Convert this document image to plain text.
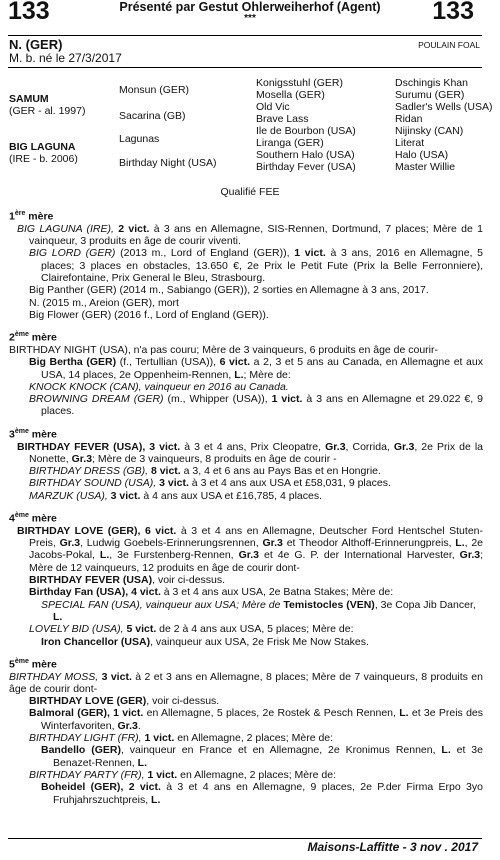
133	Présenté par Gestut Ohlerweiherhof (Agent)
***	133
N. (GER)
M. b. né le 27/3/2017
POULAIN FOAL
SAMUM
(GER - al. 1997)
BIG LAGUNA
(IRE - b. 2006)
Monsun (GER)
Sacarina (GB)
Lagunas
Birthday Night (USA)
Konigsstuhl (GER)
Mosella (GER)
Old Vic
Brave Lass
Ile de Bourbon (USA)
Liranga (GER)
Southern Halo (USA)
Birthday Fever (USA)
Dschingis Khan
Surumu (GER)
Sadler's Wells (USA)
Ridan
Nijinsky (CAN)
Literat
Halo (USA)
Master Willie
Qualifié FEE

1ère mère

BIG LAGUNA (IRE), 2 vict. à 3 ans en Allemagne, SIS-Rennen, Dortmund, 7 places; Mère de 1 vainqueur, 3 produits en âge de courir viventi.

BIG LORD (GER) (2013 m., Lord of England (GER)), 1 vict. à 3 ans, 2016 en Allemagne, 5 places; 3 places en obstacles, 13.650 €, 2e Prix le Petit Fute (Prix la Belle Ferronniere), Clairefontaine, Prix General le Bleu, Strasbourg.

Big Panther (GER) (2014 m., Sabiango (GER)), 2 sorties en Allemagne à 3 ans, 2017.

N. (2015 m., Areion (GER), mort

Big Flower (GER) (2016 f., Lord of England (GER)).

2ème mère

BIRTHDAY NIGHT (USA), n'a pas couru; Mère de 3 vainqueurs, 6 produits en âge de courir-

Big Bertha (GER) (f., Tertullian (USA)), 6 vict. a 2, 3 et 5 ans au Canada, en Allemagne et aux USA, 14 places, 2e Oppenheim-Rennen, L.; Mère de:

KNOCK KNOCK (CAN), vainqueur en 2016 au Canada.

BROWNING DREAM (GER) (m., Whipper (USA)), 1 vict. à 3 ans en Allemagne et 29.022 €, 9 places.

3ème mère

BIRTHDAY FEVER (USA), 3 vict. à 3 et 4 ans, Prix Cleopatre, Gr.3, Corrida, Gr.3, 2e Prix de la Nonette, Gr.3; Mère de 3 vainqueurs, 8 produits en âge de courir -

BIRTHDAY DRESS (GB), 8 vict. a 3, 4 et 6 ans au Pays Bas et en Hongrie.

BIRTHDAY SOUND (USA), 3 vict. à 3 et 4 ans aux USA et £58,031, 9 places.

MARZUK (USA), 3 vict. à 4 ans aux USA et £16,785, 4 places.

4ème mère

BIRTHDAY LOVE (GER), 6 vict. à 3 et 4 ans en Allemagne, Deutscher Ford Hentschel Stuten-Preis, Gr.3, Ludwig Goebels-Erinnerungsrennen, Gr.3 et Theodor Althoff-Erinnerungpreis, L., 2e Jacobs-Pokal, L., 3e Furstenberg-Rennen, Gr.3 et 4e G. P. der International Harvester, Gr.3; Mère de 12 vainqueurs, 12 produits en âge de courir dont-

BIRTHDAY FEVER (USA), voir ci-dessus.

Birthday Fan (USA), 4 vict. à 3 et 4 ans aux USA, 2e Batna Stakes; Mère de:

SPECIAL FAN (USA), vainqueur aux USA; Mère de Temistocles (VEN), 3e Copa Jib Dancer, L.

LOVELY BID (USA), 5 vict. de 2 à 4 ans aux USA, 5 places; Mère de:

Iron Chancellor (USA), vainqueur aux USA, 2e Frisk Me Now Stakes.

5ème mère

BIRTHDAY MOSS, 3 vict. à 2 et 3 ans en Allemagne, 8 places; Mère de 7 vainqueurs, 8 produits en âge de courir dont-

BIRTHDAY LOVE (GER), voir ci-dessus.

Balmoral (GER), 1 vict. en Allemagne, 5 places, 2e Rostek & Pesch Rennen, L. et 3e Preis des Winterfavoriten, Gr.3.

BIRTHDAY LIGHT (FR), 1 vict. en Allemagne, 2 places; Mère de:

Bandello (GER), vainqueur en France et en Allemagne, 2e Kronimus Rennen, L. et 3e Benazet-Rennen, L.

BIRTHDAY PARTY (FR), 1 vict. en Allemagne, 2 places; Mère de:

Boheidel (GER), 2 vict. à 3 et 4 ans en Allemagne, 9 places, 2e P.der Firma Erpo 3yo Fruhjahrszuchtpreis, L.

Maisons-Laffitte - 3 nov . 2017
